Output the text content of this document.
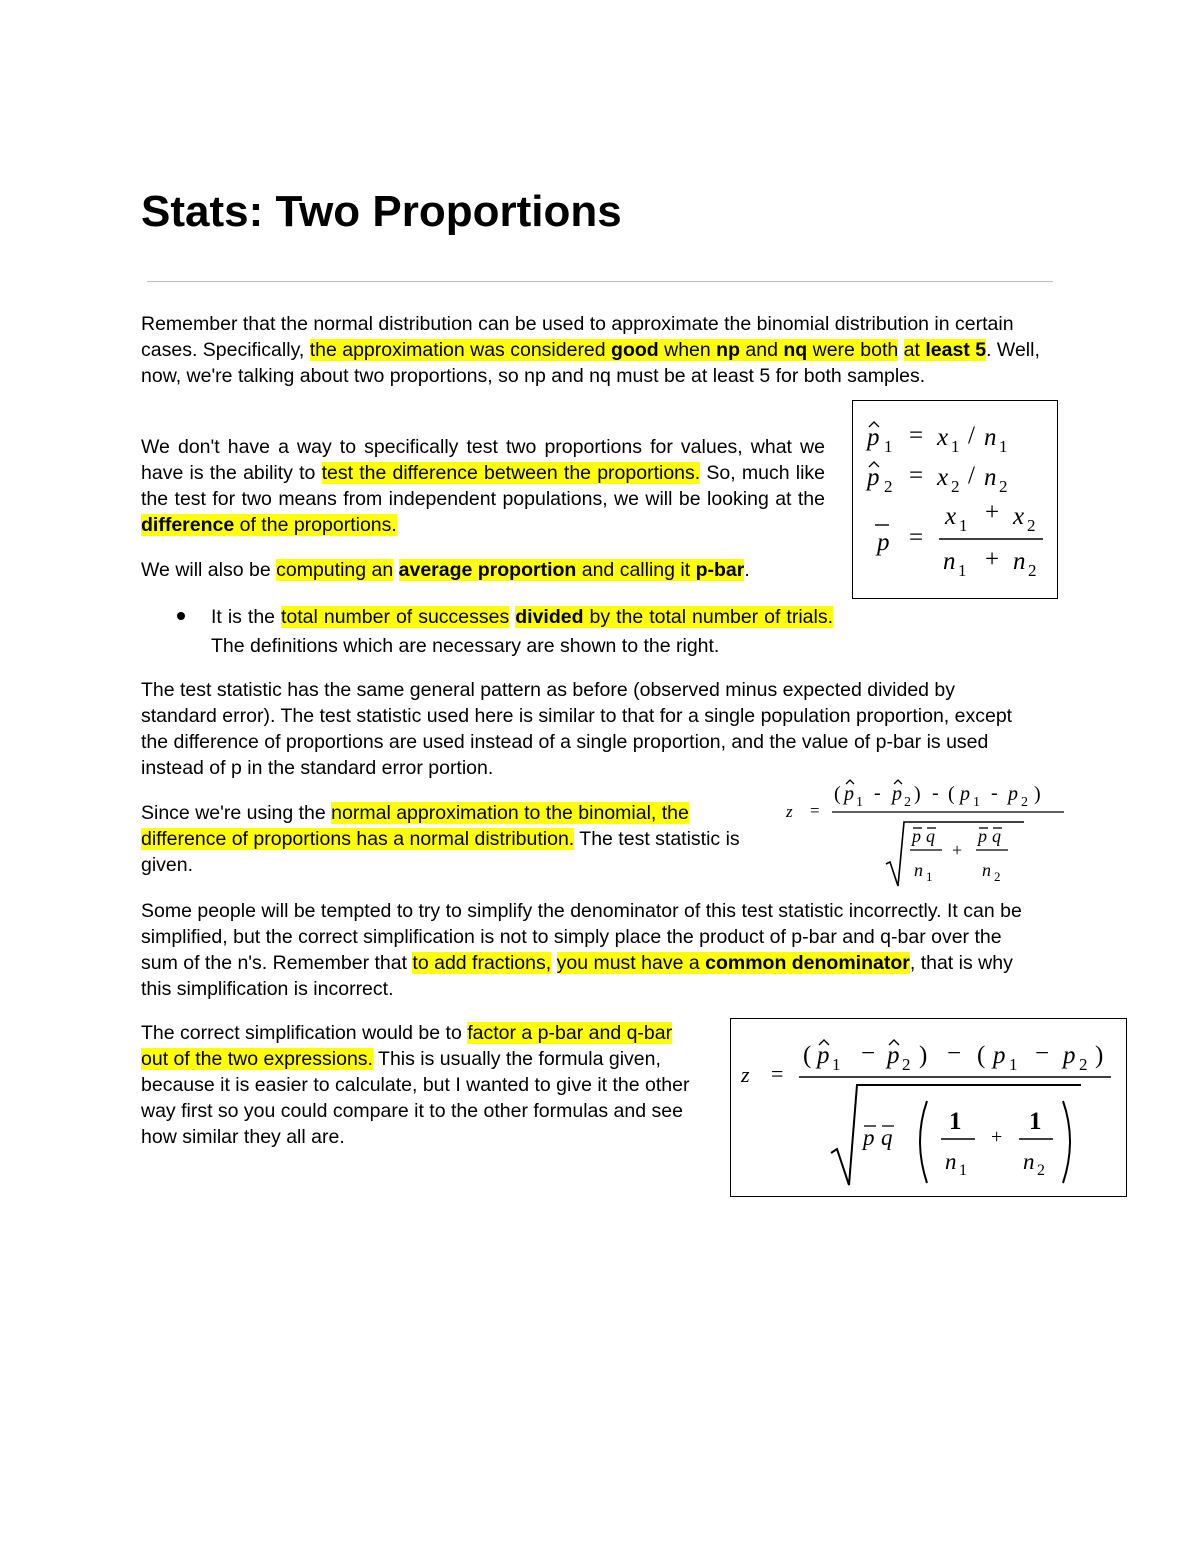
Stats: Two Proportions

Remember that the normal distribution can be used to approximate the binomial distribution in certain cases. Specifically, the approximation was considered good when np and nq were both at least 5. Well, now, we're talking about two proportions, so np and nq must be at least 5 for both samples.

We don't have a way to specifically test two proportions for values, what we have is the ability to test the difference between the proportions. So, much like the test for two means from independent populations, we will be looking at the difference of the proportions.

We will also be computing an average proportion and calling it p-bar.

It is the total number of successes divided by the total number of trials. The definitions which are necessary are shown to the right.

The test statistic has the same general pattern as before (observed minus expected divided by standard error). The test statistic used here is similar to that for a single population proportion, except the difference of proportions are used instead of a single proportion, and the value of p-bar is used instead of p in the standard error portion.

Since we're using the normal approximation to the binomial, the difference of proportions has a normal distribution. The test statistic is given.

Some people will be tempted to try to simplify the denominator of this test statistic incorrectly. It can be simplified, but the correct simplification is not to simply place the product of p-bar and q-bar over the sum of the n's. Remember that to add fractions, you must have a common denominator, that is why this simplification is incorrect.

The correct simplification would be to factor a p-bar and q-bar out of the two expressions. This is usually the formula given, because it is easier to calculate, but I wanted to give it the other way first so you could compare it to the other formulas and see how similar they all are.

p 1 = x 1 / n 1
p 2 = x 2 / n 2
p =
x 1 + x 2
n 1 + n 2
z =
( p 1 - p 2 ) - ( p 1 - p 2 )
p q
n 1
+
p q
n 2
z =
( p 1 − p 2 ) − ( p 1 − p 2 )
p q
1
n 1
+
1
n 2
